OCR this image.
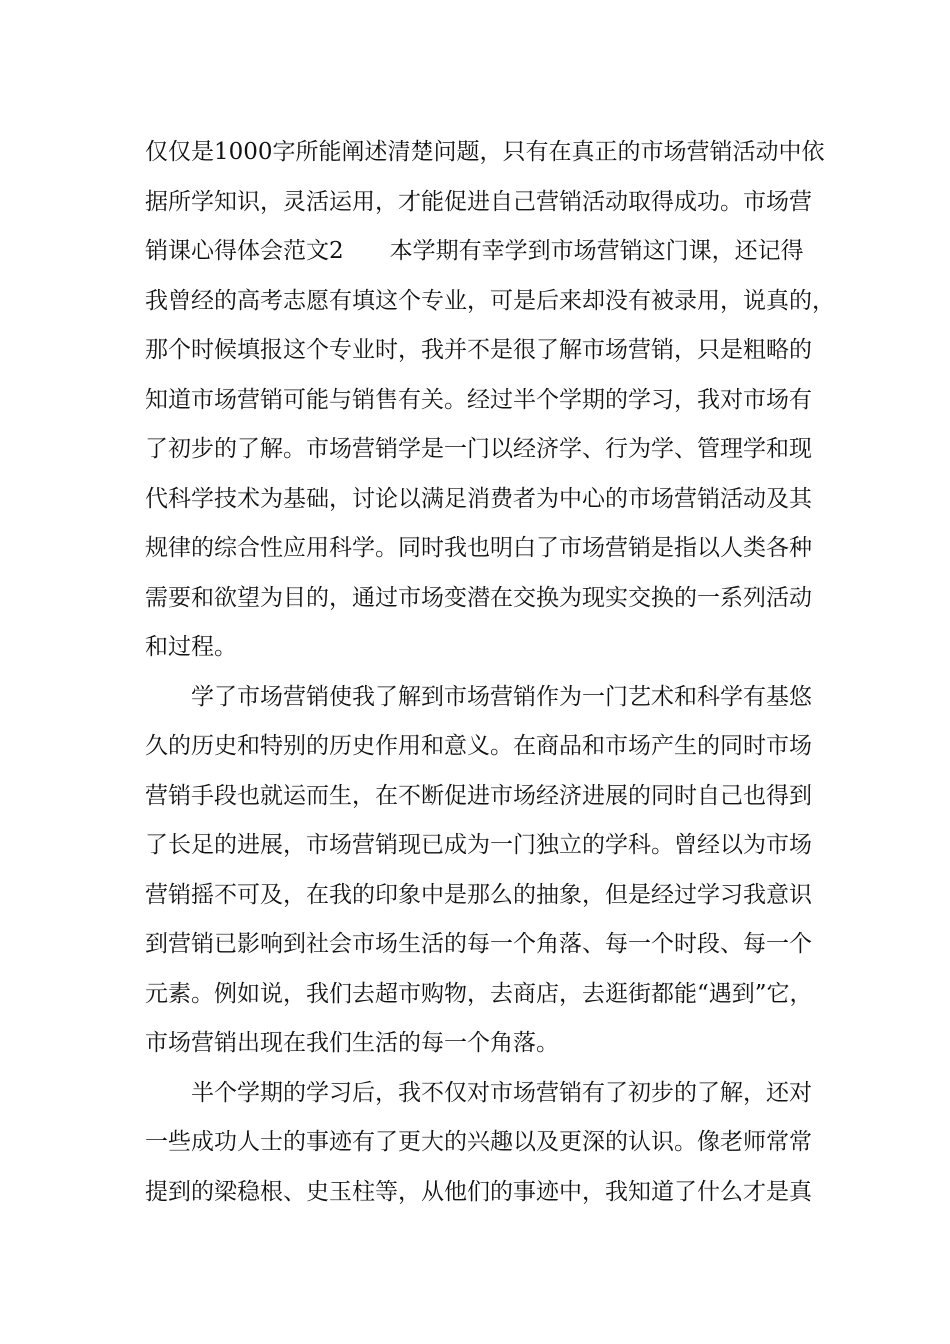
仅仅是1000字所能阐述清楚问题，只有在真正的市场营销活动中依
据所学知识，灵活运用，才能促进自己营销活动取得成功。市场营
销课心得体会范文2　　本学期有幸学到市场营销这门课，还记得
我曾经的高考志愿有填这个专业，可是后来却没有被录用，说真的，
那个时候填报这个专业时，我并不是很了解市场营销，只是粗略的
知道市场营销可能与销售有关。经过半个学期的学习，我对市场有
了初步的了解。市场营销学是一门以经济学、行为学、管理学和现
代科学技术为基础，讨论以满足消费者为中心的市场营销活动及其
规律的综合性应用科学。同时我也明白了市场营销是指以人类各种
需要和欲望为目的，通过市场变潜在交换为现实交换的一系列活动
和过程。
学了市场营销使我了解到市场营销作为一门艺术和科学有基悠
久的历史和特别的历史作用和意义。在商品和市场产生的同时市场
营销手段也就运而生，在不断促进市场经济进展的同时自己也得到
了长足的进展，市场营销现已成为一门独立的学科。曾经以为市场
营销摇不可及，在我的印象中是那么的抽象，但是经过学习我意识
到营销已影响到社会市场生活的每一个角落、每一个时段、每一个
元素。例如说，我们去超市购物，去商店，去逛街都能“遇到”它，
市场营销出现在我们生活的每一个角落。
半个学期的学习后，我不仅对市场营销有了初步的了解，还对
一些成功人士的事迹有了更大的兴趣以及更深的认识。像老师常常
提到的梁稳根、史玉柱等，从他们的事迹中，我知道了什么才是真
